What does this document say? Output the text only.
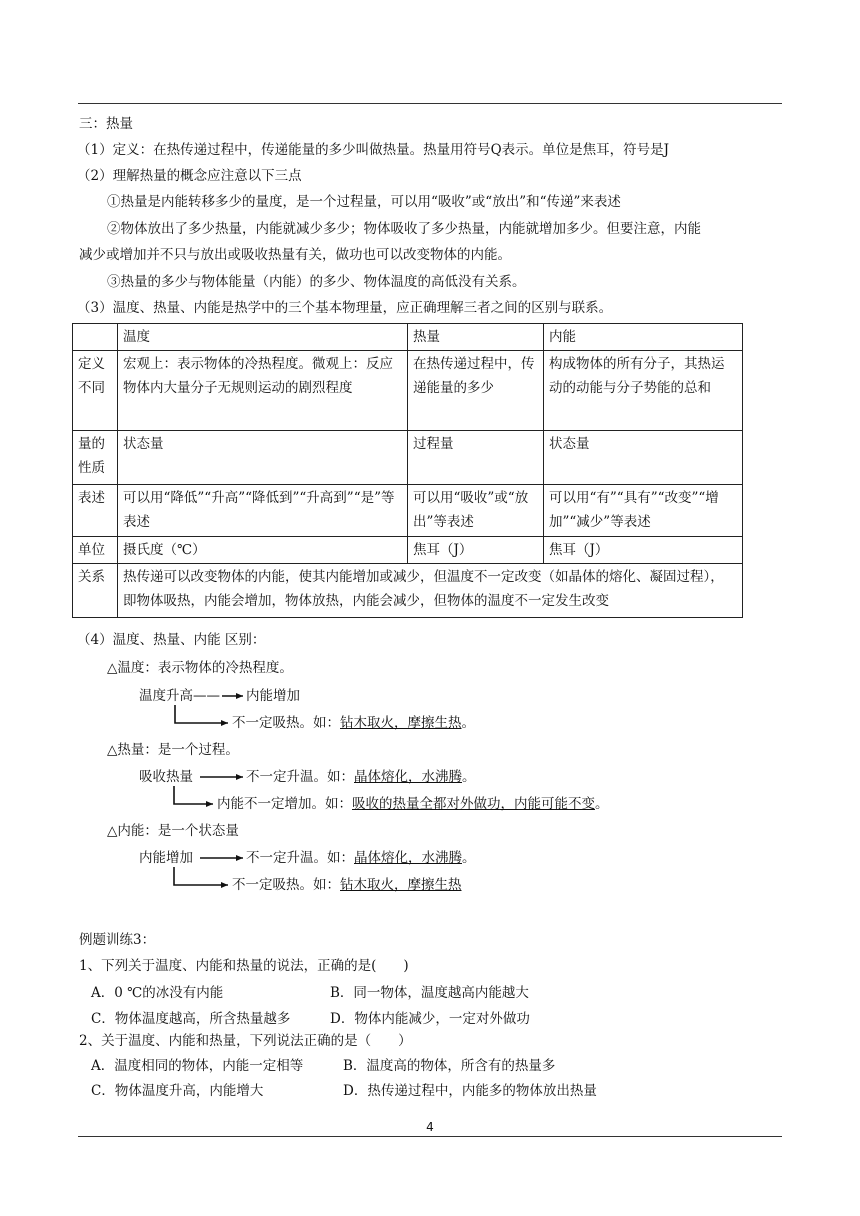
三：热量
（1）定义：在热传递过程中，传递能量的多少叫做热量。热量用符号Q表示。单位是焦耳，符号是J
（2）理解热量的概念应注意以下三点
①热量是内能转移多少的量度，是一个过程量，可以用“吸收”或“放出”和“传递”来表述
②物体放出了多少热量，内能就减少多少；物体吸收了多少热量，内能就增加多少。但要注意，内能
减少或增加并不只与放出或吸收热量有关，做功也可以改变物体的内能。
③热量的多少与物体能量（内能）的多少、物体温度的高低没有关系。
（3）温度、热量、内能是热学中的三个基本物理量，应正确理解三者之间的区别与联系。
	温度	热量	内能
定义不同	宏观上：表示物体的冷热程度。微观上：反应物体内大量分子无规则运动的剧烈程度	在热传递过程中，传递能量的多少	构成物体的所有分子，其热运动的动能与分子势能的总和
量的性质	状态量	过程量	状态量
表述	可以用“降低”“升高”“降低到”“升高到”“是”等表述	可以用“吸收”或“放出”等表述	可以用“有”“具有”“改变”“增加”“减少”等表述
单位	摄氏度（℃）	焦耳（J）	焦耳（J）
关系	热传递可以改变物体的内能，使其内能增加或减少，但温度不一定改变（如晶体的熔化、凝固过程），即物体吸热，内能会增加，物体放热，内能会减少，但物体的温度不一定发生改变		
（4）温度、热量、内能 区别：
△温度：表示物体的冷热程度。
温度升高—— 内能增加
不一定吸热。如：钻木取火，摩擦生热。
△热量：是一个过程。
吸收热量	不一定升温。如：晶体熔化，水沸腾。
内能不一定增加。如：吸收的热量全都对外做功，内能可能不变。
△内能：是一个状态量
内能增加	不一定升温。如：晶体熔化，水沸腾。
不一定吸热。如：钻木取火，摩擦生热
例题训练3：
1、下列关于温度、内能和热量的说法，正确的是(　　)
A．0 ℃的冰没有内能	B．同一物体，温度越高内能越大
C．物体温度越高，所含热量越多	D．物体内能减少，一定对外做功
2、关于温度、内能和热量，下列说法正确的是（　　）
A．温度相同的物体，内能一定相等	B．温度高的物体，所含有的热量多
C．物体温度升高，内能增大	D．热传递过程中，内能多的物体放出热量
4
